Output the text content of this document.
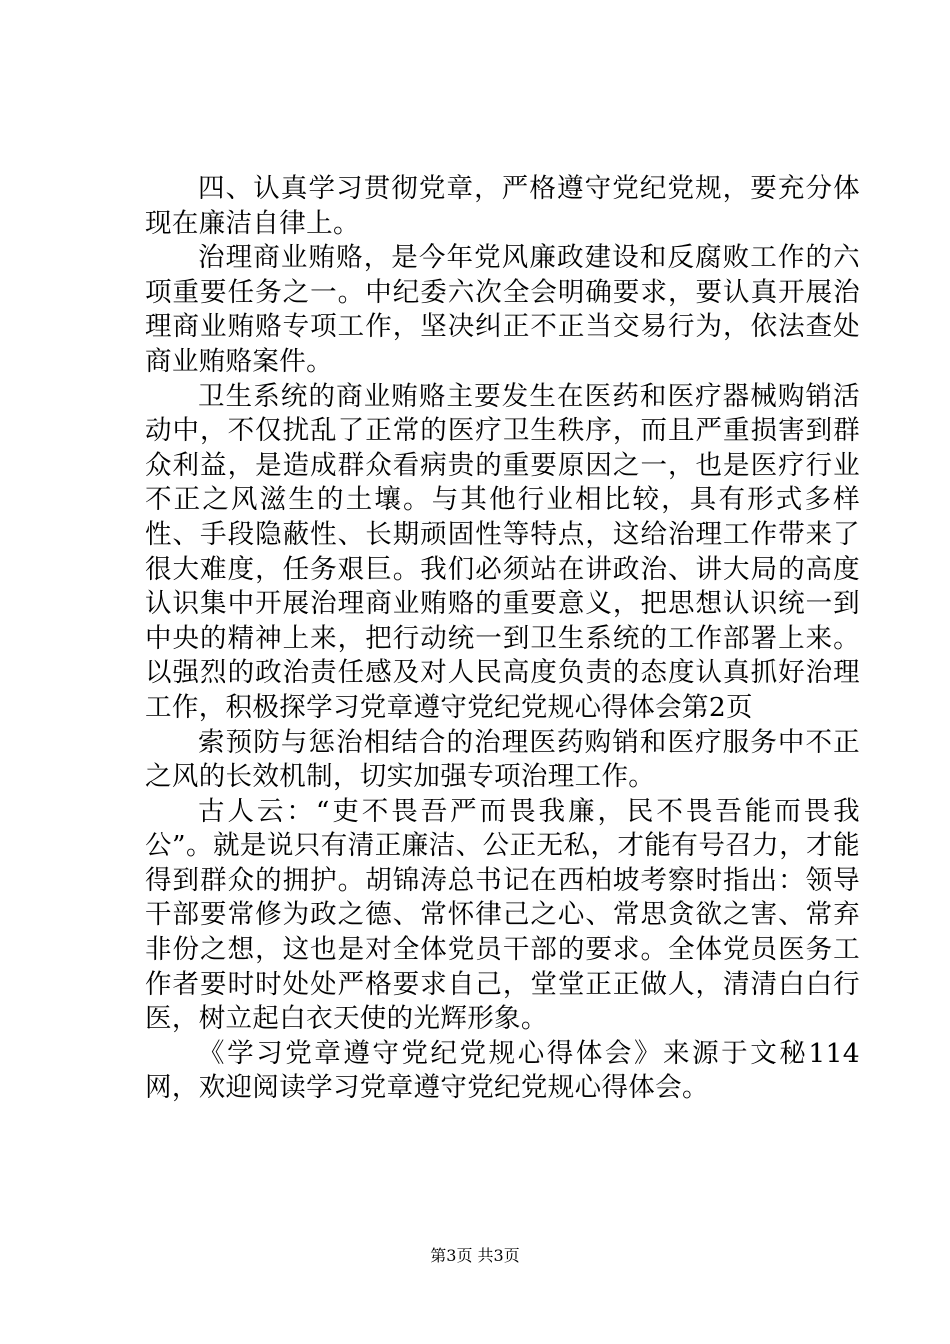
四、认真学习贯彻党章，严格遵守党纪党规，要充分体现在廉洁自律上。

治理商业贿赂，是今年党风廉政建设和反腐败工作的六项重要任务之一。中纪委六次全会明确要求，要认真开展治理商业贿赂专项工作，坚决纠正不正当交易行为，依法查处商业贿赂案件。

卫生系统的商业贿赂主要发生在医药和医疗器械购销活动中，不仅扰乱了正常的医疗卫生秩序，而且严重损害到群众利益，是造成群众看病贵的重要原因之一，也是医疗行业不正之风滋生的土壤。与其他行业相比较，具有形式多样性、手段隐蔽性、长期顽固性等特点，这给治理工作带来了很大难度，任务艰巨。我们必须站在讲政治、讲大局的高度认识集中开展治理商业贿赂的重要意义，把思想认识统一到中央的精神上来，把行动统一到卫生系统的工作部署上来。以强烈的政治责任感及对人民高度负责的态度认真抓好治理工作，积极探学习党章遵守党纪党规心得体会第2页

索预防与惩治相结合的治理医药购销和医疗服务中不正之风的长效机制，切实加强专项治理工作。

古人云：“吏不畏吾严而畏我廉，民不畏吾能而畏我公”。就是说只有清正廉洁、公正无私，才能有号召力，才能得到群众的拥护。胡锦涛总书记在西柏坡考察时指出：领导干部要常修为政之德、常怀律己之心、常思贪欲之害、常弃非份之想，这也是对全体党员干部的要求。全体党员医务工作者要时时处处严格要求自己，堂堂正正做人，清清白白行医，树立起白衣天使的光辉形象。

《学习党章遵守党纪党规心得体会》来源于文秘114网，欢迎阅读学习党章遵守党纪党规心得体会。

第3页 共3页
